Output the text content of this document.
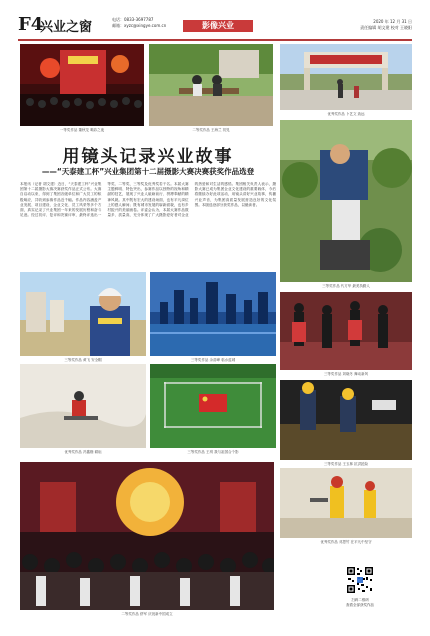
F4
兴业之窗
电话：0833-3697787
邮箱：xyzc@xingye.com.cn	影像兴业	2020 年 12 月 31 日
责任编辑 胡文建 校对 王晓阳
一等奖作品 董秋龙 喝彩之夜	二等奖作品 王海兰 初见
优秀奖作品 卜艺文 致远
三等奖作品 代方华 最美执勤人
三等奖作品 刘晓冬 舞动新风
三等奖作品 王玉林 抗洪抢险
优秀奖作品 邓思竹 在平凡中坚守
用镜头记录兴业故事
——“天泰建工杯”兴业集团第十二届摄影大赛决赛获奖作品选登
本报讯（记者 胡文建）近日，“天泰建工杯”兴业集团第十二届摄影大赛决赛获奖作品正式公布。大赛自启动以来，得到了集团各级单位和广大员工的积极响应，共收到参赛作品近千幅。作品内容涵盖产业发展、项目建设、企业文化、员工风采等多个方面，真实记录了兴业集团一年来的发展历程和奋斗足迹。经过初评、复评和决赛评审，最终评选出一等奖、二等奖、三等奖及优秀奖若干名。本届大赛主题鲜明、特色突出，参赛作品以独特的视角和精湛的技艺，展现了兴业人砥砺前行、拼搏奉献的精神风貌。其中既有宏大的建设场面，也有平凡岗位上的感人瞬间；既有城市发展的崭新面貌，也有乡村振兴的美丽画卷。评委会认为，本届大赛作品数量多、质量高，充分体现了广大摄影爱好者对企业的热爱和对生活的感悟。集团相关负责人表示，摄影大赛已成为集团企业文化建设的重要载体，今后将继续办好此项活动，用镜头讲好兴业故事，传播兴业声音，为集团高质量发展营造良好的文化氛围。本版选登部分获奖作品，以飨读者。
三等奖作品 黄飞 安全帽	三等奖作品 余苗峰 临水蓝城
优秀奖作品 冯鑫楷 耕耘	三等奖作品 王玥 我与祖国合个影
二等奖作品 舒军 庆祝新中国成立
扫码二维码
查看全部获奖作品
